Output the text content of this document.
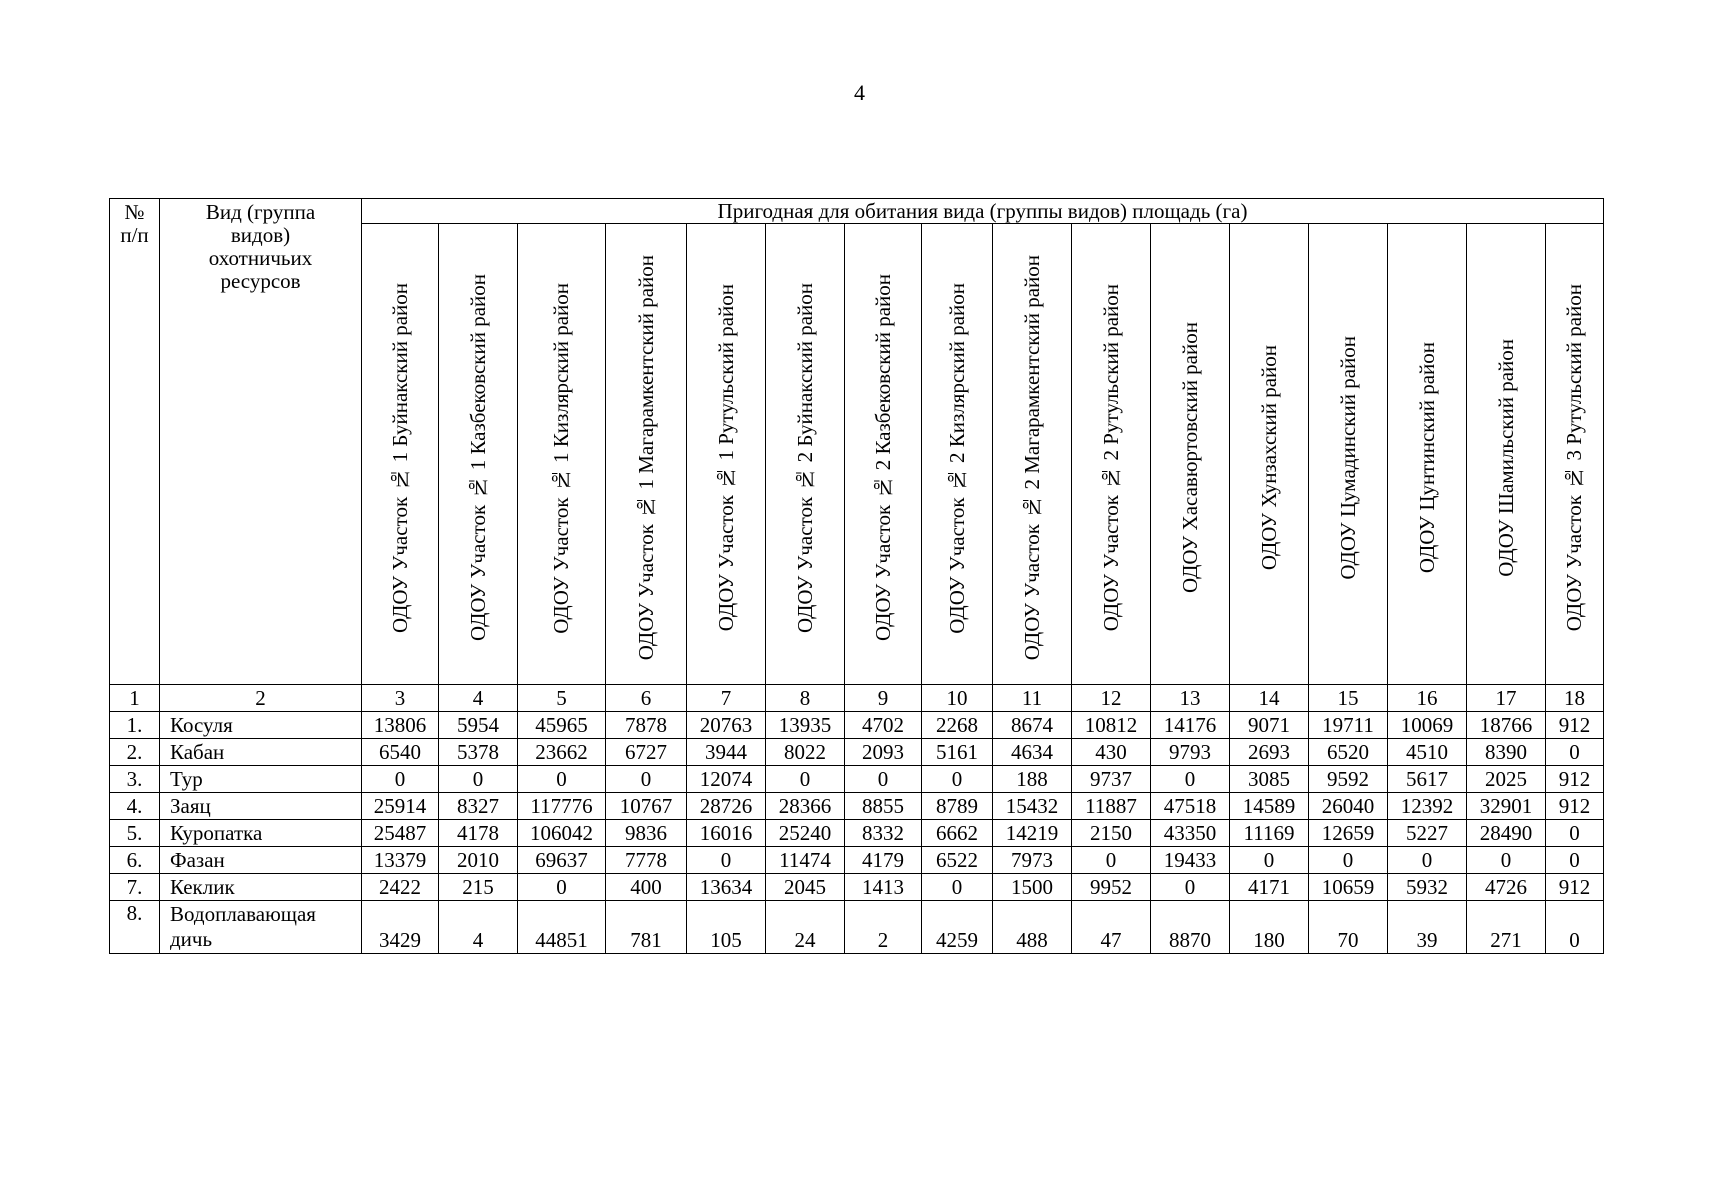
4
№
п/п	Вид (группа
видов)
охотничьих
ресурсов	Пригодная для обитания вида (группы видов) площадь (га)															

		ОДОУ Участок № 1 Буйнакский район	ОДОУ Участок № 1 Казбековский район	ОДОУ Участок № 1 Кизлярский район	ОДОУ Участок № 1 Магарамкентский район	ОДОУ Участок № 1 Рутульский район	ОДОУ Участок № 2 Буйнакский район	ОДОУ Участок № 2 Казбековский район	ОДОУ Участок № 2 Кизлярский район	ОДОУ Участок № 2 Магарамкентский район	ОДОУ Участок № 2 Рутульский район	ОДОУ Хасавюртовский район	ОДОУ Хунзахский район	ОДОУ Цумадинский район	ОДОУ Цунтинский район	ОДОУ Шамильский район	ОДОУ Участок № 3 Рутульский район

1	2	3	4	5	6	7	8	9	10	11	12	13	14	15	16	17	18
1.	Косуля	13806	5954	45965	7878	20763	13935	4702	2268	8674	10812	14176	9071	19711	10069	18766	912
2.	Кабан	6540	5378	23662	6727	3944	8022	2093	5161	4634	430	9793	2693	6520	4510	8390	0
3.	Тур	0	0	0	0	12074	0	0	0	188	9737	0	3085	9592	5617	2025	912
4.	Заяц	25914	8327	117776	10767	28726	28366	8855	8789	15432	11887	47518	14589	26040	12392	32901	912
5.	Куропатка	25487	4178	106042	9836	16016	25240	8332	6662	14219	2150	43350	11169	12659	5227	28490	0
6.	Фазан	13379	2010	69637	7778	0	11474	4179	6522	7973	0	19433	0	0	0	0	0
7.	Кеклик	2422	215	0	400	13634	2045	1413	0	1500	9952	0	4171	10659	5932	4726	912
8.	Водоплавающая
дичь	3429	4	44851	781	105	24	2	4259	488	47	8870	180	70	39	271	0
